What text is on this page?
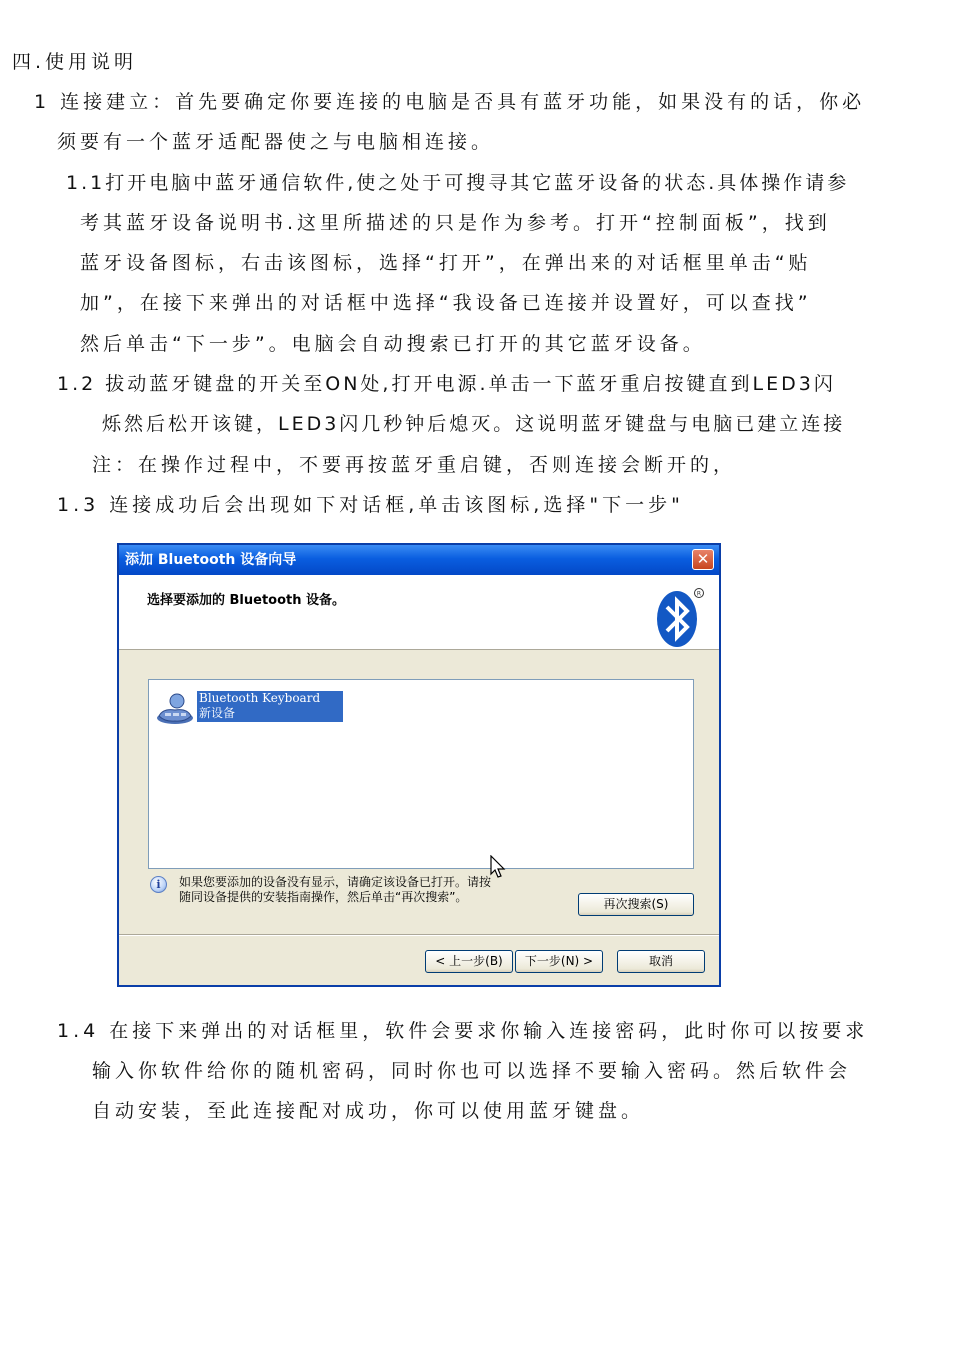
四.使用说明
1 连接建立：首先要确定你要连接的电脑是否具有蓝牙功能，如果没有的话，你必
须要有一个蓝牙适配器使之与电脑相连接。
1.1打开电脑中蓝牙通信软件,使之处于可搜寻其它蓝牙设备的状态.具体操作请参
考其蓝牙设备说明书.这里所描述的只是作为参考。打开“控制面板”，找到
蓝牙设备图标，右击该图标，选择“打开”，在弹出来的对话框里单击“贴
加”，在接下来弹出的对话框中选择“我设备已连接并设置好，可以查找”
然后单击“下一步”。电脑会自动搜索已打开的其它蓝牙设备。
1.2 拔动蓝牙键盘的开关至ON处,打开电源.单击一下蓝牙重启按键直到LED3闪
烁然后松开该键，LED3闪几秒钟后熄灭。这说明蓝牙键盘与电脑已建立连接
注：在操作过程中，不要再按蓝牙重启键，否则连接会断开的，
1.3 连接成功后会出现如下对话框,单击该图标,选择"下一步"
添加 Bluetooth 设备向导	✕
选择要添加的 Bluetooth 设备。	R
Bluetooth Keyboard
新设备
i	如果您要添加的设备没有显示，请确定该设备已打开。请按
随同设备提供的安装指南操作，然后单击“再次搜索”。	再次搜索(S)
< 上一步(B)	下一步(N) >	取消
1.4 在接下来弹出的对话框里，软件会要求你输入连接密码，此时你可以按要求
输入你软件给你的随机密码，同时你也可以选择不要输入密码。然后软件会
自动安装，至此连接配对成功，你可以使用蓝牙键盘。
